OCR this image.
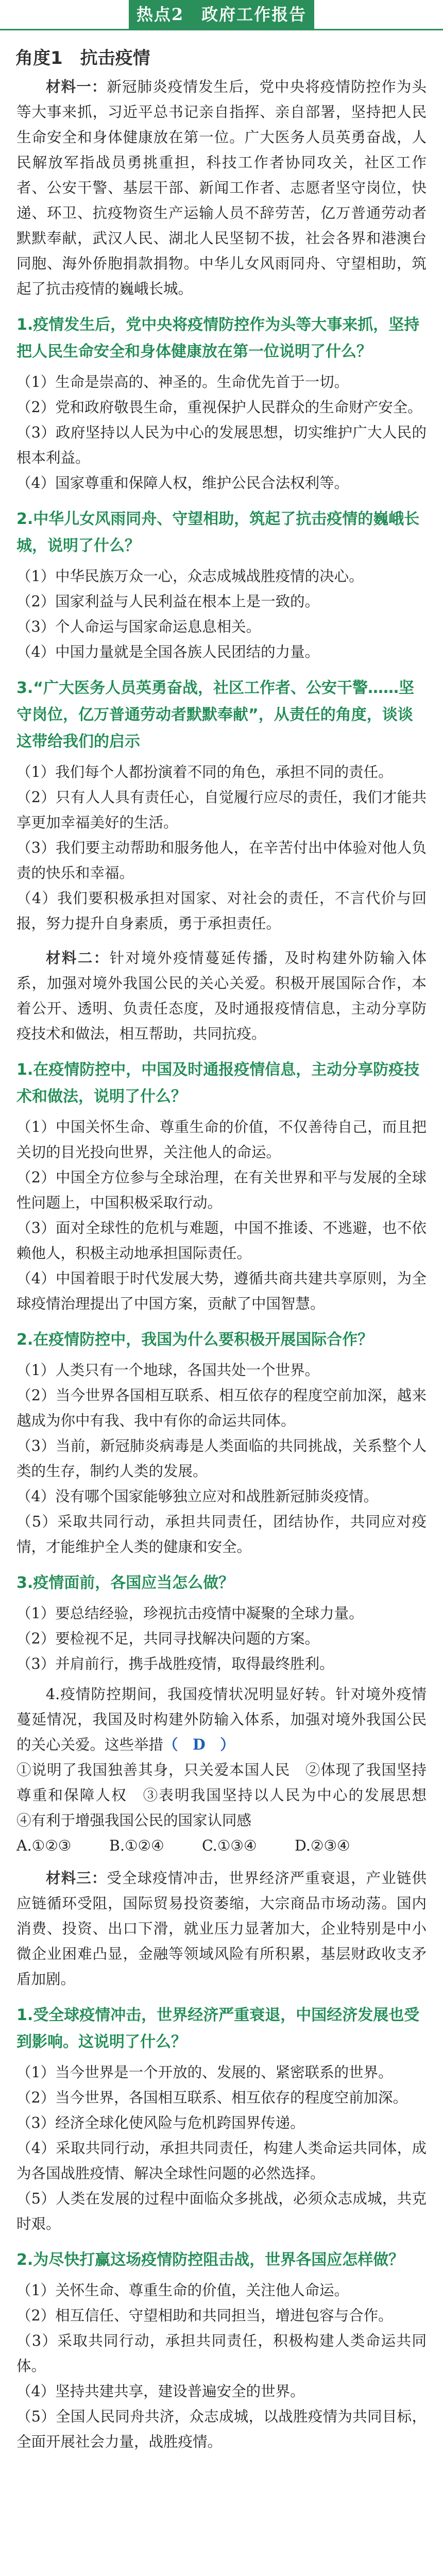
热点2　政府工作报告解读
角度1　抗击疫情

材料一：新冠肺炎疫情发生后，党中央将疫情防控作为头等大事来抓，习近平总书记亲自指挥、亲自部署，坚持把人民生命安全和身体健康放在第一位。广大医务人员英勇奋战，人民解放军指战员勇挑重担，科技工作者协同攻关，社区工作者、公安干警、基层干部、新闻工作者、志愿者坚守岗位，快递、环卫、抗疫物资生产运输人员不辞劳苦，亿万普通劳动者默默奉献，武汉人民、湖北人民坚韧不拔，社会各界和港澳台同胞、海外侨胞捐款捐物。中华儿女风雨同舟、守望相助，筑起了抗击疫情的巍峨长城。

1.疫情发生后，党中央将疫情防控作为头等大事来抓，坚持把人民生命安全和身体健康放在第一位说明了什么？

（1）生命是崇高的、神圣的。生命优先首于一切。

（2）党和政府敬畏生命，重视保护人民群众的生命财产安全。

（3）政府坚持以人民为中心的发展思想，切实维护广大人民的根本利益。

（4）国家尊重和保障人权，维护公民合法权利等。

2.中华儿女风雨同舟、守望相助，筑起了抗击疫情的巍峨长城，说明了什么？

（1）中华民族万众一心，众志成城战胜疫情的决心。

（2）国家利益与人民利益在根本上是一致的。

（3）个人命运与国家命运息息相关。

（4）中国力量就是全国各族人民团结的力量。

3.“广大医务人员英勇奋战，社区工作者、公安干警……坚守岗位，亿万普通劳动者默默奉献”，从责任的角度，谈谈这带给我们的启示

（1）我们每个人都扮演着不同的角色，承担不同的责任。

（2）只有人人具有责任心，自觉履行应尽的责任，我们才能共享更加幸福美好的生活。

（3）我们要主动帮助和服务他人，在辛苦付出中体验对他人负责的快乐和幸福。

（4）我们要积极承担对国家、对社会的责任，不言代价与回报，努力提升自身素质，勇于承担责任。

材料二：针对境外疫情蔓延传播，及时构建外防输入体系，加强对境外我国公民的关心关爱。积极开展国际合作，本着公开、透明、负责任态度，及时通报疫情信息，主动分享防疫技术和做法，相互帮助，共同抗疫。

1.在疫情防控中，中国及时通报疫情信息，主动分享防疫技术和做法，说明了什么？

（1）中国关怀生命、尊重生命的价值，不仅善待自己，而且把关切的目光投向世界，关注他人的命运。

（2）中国全方位参与全球治理，在有关世界和平与发展的全球性问题上，中国积极采取行动。

（3）面对全球性的危机与难题，中国不推诿、不逃避，也不依赖他人，积极主动地承担国际责任。

（4）中国着眼于时代发展大势，遵循共商共建共享原则，为全球疫情治理提出了中国方案，贡献了中国智慧。

2.在疫情防控中，我国为什么要积极开展国际合作？

（1）人类只有一个地球，各国共处一个世界。

（2）当今世界各国相互联系、相互依存的程度空前加深，越来越成为你中有我、我中有你的命运共同体。

（3）当前，新冠肺炎病毒是人类面临的共同挑战，关系整个人类的生存，制约人类的发展。

（4）没有哪个国家能够独立应对和战胜新冠肺炎疫情。

（5）采取共同行动，承担共同责任，团结协作，共同应对疫情，才能维护全人类的健康和安全。

3.疫情面前，各国应当怎么做？

（1）要总结经验，珍视抗击疫情中凝聚的全球力量。

（2）要检视不足，共同寻找解决问题的方案。

（3）并肩前行，携手战胜疫情，取得最终胜利。

4.疫情防控期间，我国疫情状况明显好转。针对境外疫情蔓延情况，我国及时构建外防输入体系，加强对境外我国公民的关心关爱。这些举措（　D　）

①说明了我国独善其身，只关爱本国人民　 ②体现了我国坚持尊重和保障人权　 ③表明我国坚持以人民为中心的发展思想　④有利于增强我国公民的国家认同感

A.①②③	B.①②④	C.①③④	D.②③④

材料三：受全球疫情冲击，世界经济严重衰退，产业链供应链循环受阻，国际贸易投资萎缩，大宗商品市场动荡。国内消费、投资、出口下滑，就业压力显著加大，企业特别是中小微企业困难凸显，金融等领域风险有所积累，基层财政收支矛盾加剧。

1.受全球疫情冲击，世界经济严重衰退，中国经济发展也受到影响。这说明了什么？

（1）当今世界是一个开放的、发展的、紧密联系的世界。

（2）当今世界，各国相互联系、相互依存的程度空前加深。

（3）经济全球化使风险与危机跨国界传递。

（4）采取共同行动，承担共同责任，构建人类命运共同体，成为各国战胜疫情、解决全球性问题的必然选择。

（5）人类在发展的过程中面临众多挑战，必须众志成城，共克时艰。

2.为尽快打赢这场疫情防控阻击战，世界各国应怎样做？

（1）关怀生命、尊重生命的价值，关注他人命运。

（2）相互信任、守望相助和共同担当，增进包容与合作。

（3）采取共同行动，承担共同责任，积极构建人类命运共同体。

（4）坚持共建共享，建设普遍安全的世界。

（5）全国人民同舟共济，众志成城，以战胜疫情为共同目标，全面开展社会力量，战胜疫情。
